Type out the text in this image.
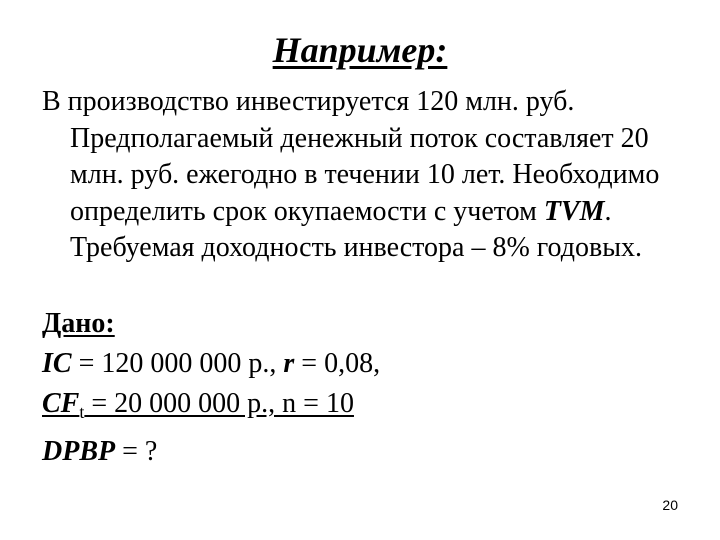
Например:

В производство инвестируется 120 млн. руб. Предполагаемый денежный поток составляет 20 млн. руб. ежегодно в течении 10 лет. Необходимо определить срок окупаемости с учетом TVM. Требуемая доходность инвестора – 8% годовых.

Дано:
IC = 120 000 000 р., r = 0,08,
$CF_t = 20$ 000 000 р., n = 10
DPBP = ?
20
